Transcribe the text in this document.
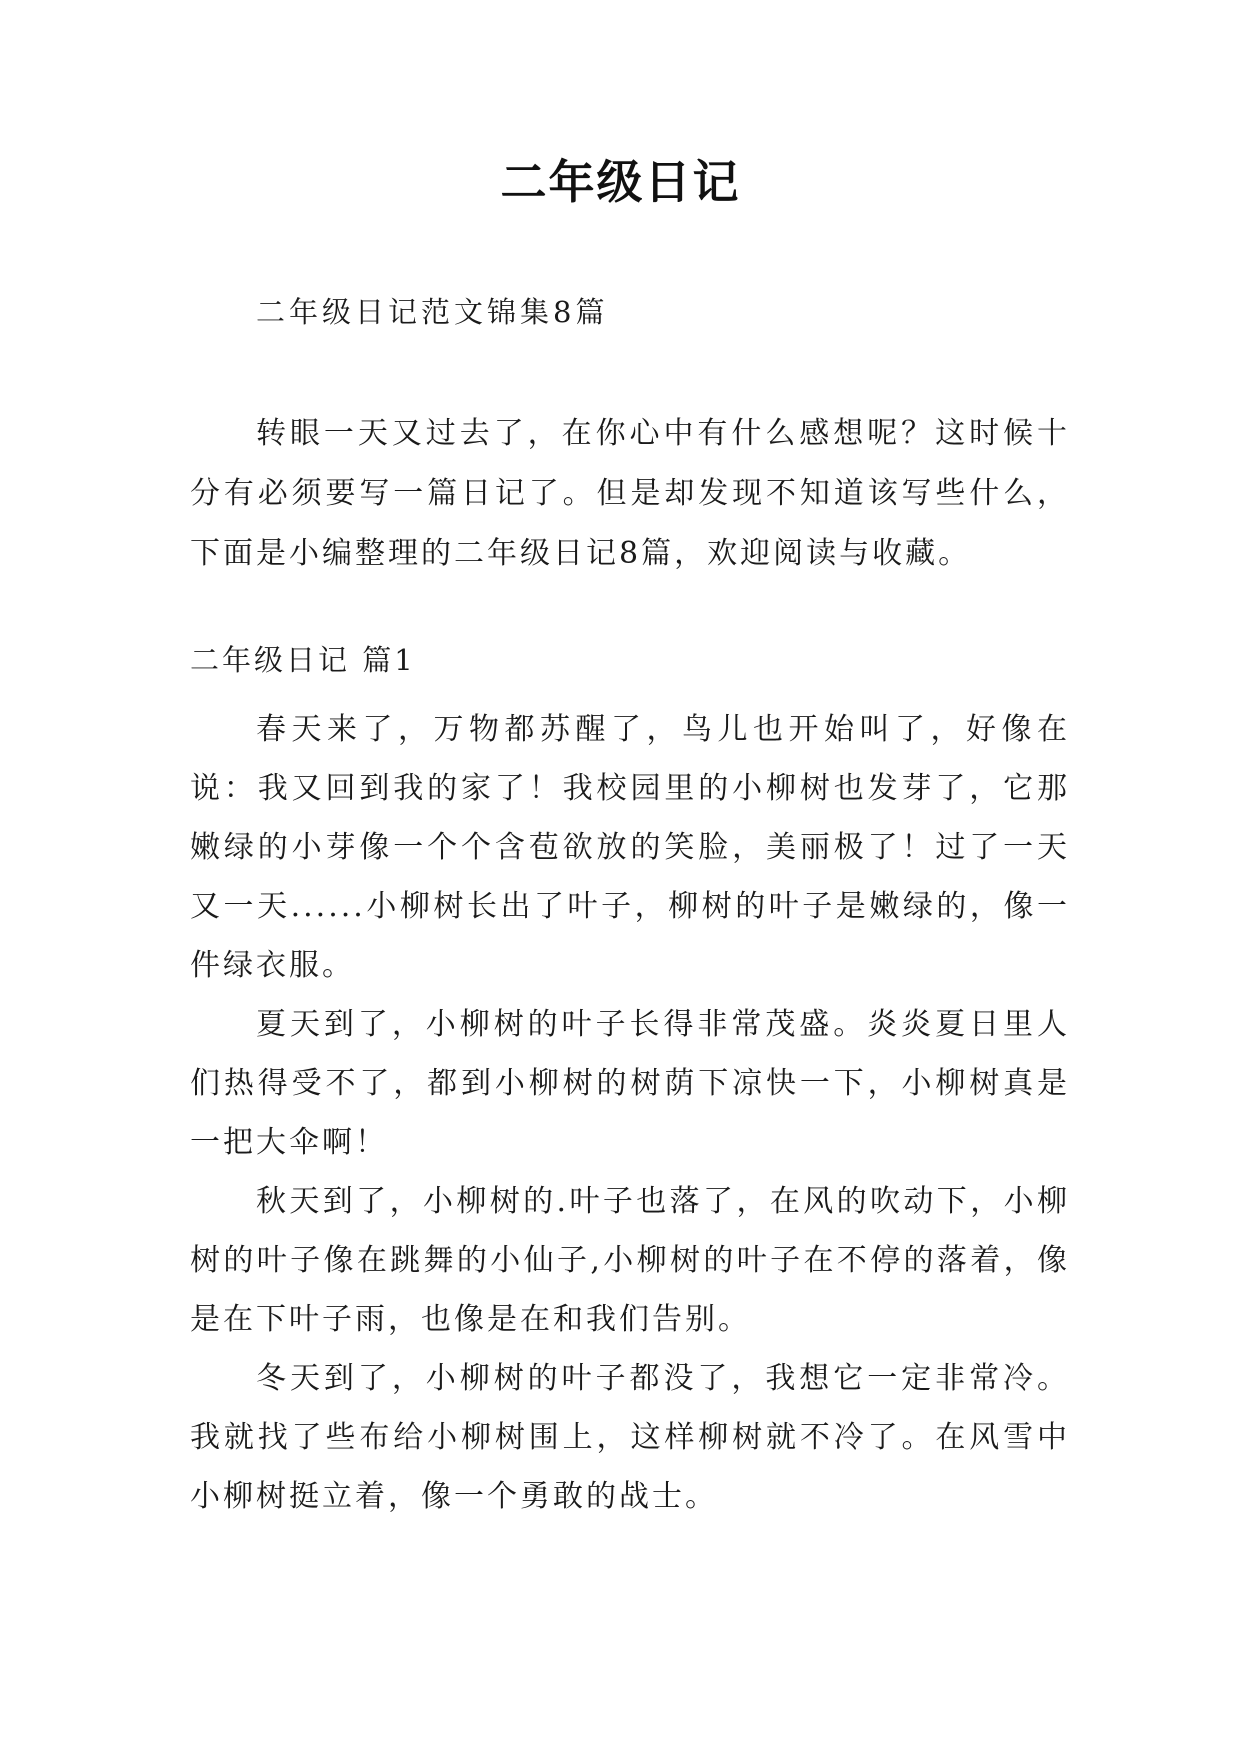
二年级日记
二年级日记范文锦集8篇

转眼一天又过去了，在你心中有什么感想呢？这时候十分有必须要写一篇日记了。但是却发现不知道该写些什么，下面是小编整理的二年级日记8篇，欢迎阅读与收藏。

二年级日记 篇1

春天来了，万物都苏醒了，鸟儿也开始叫了，好像在说：我又回到我的家了！我校园里的小柳树也发芽了，它那嫩绿的小芽像一个个含苞欲放的笑脸，美丽极了！过了一天又一天......小柳树长出了叶子，柳树的叶子是嫩绿的，像一件绿衣服。

夏天到了，小柳树的叶子长得非常茂盛。炎炎夏日里人们热得受不了，都到小柳树的树荫下凉快一下，小柳树真是一把大伞啊！

秋天到了，小柳树的.叶子也落了，在风的吹动下，小柳树的叶子像在跳舞的小仙子,小柳树的叶子在不停的落着，像是在下叶子雨，也像是在和我们告别。

冬天到了，小柳树的叶子都没了，我想它一定非常冷。我就找了些布给小柳树围上，这样柳树就不冷了。在风雪中小柳树挺立着，像一个勇敢的战士。
